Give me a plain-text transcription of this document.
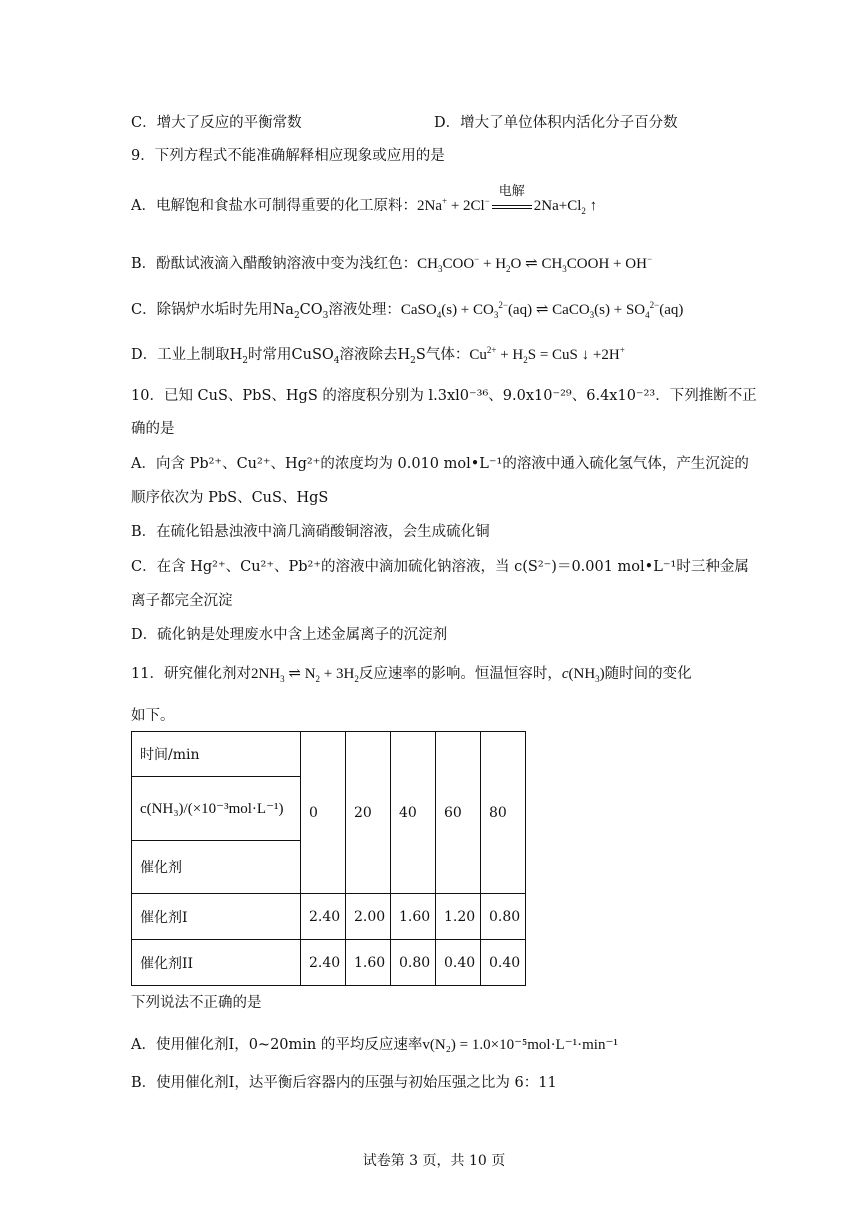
C．增大了反应的平衡常数	D．增大了单位体积内活化分子百分数
9．下列方程式不能准确解释相应现象或应用的是
A．电解饱和食盐水可制得重要的化工原料：2Na+ + 2Cl−
电解
$2Na+Cl_2$ ↑
B．酚酞试液滴入醋酸钠溶液中变为浅红色：$CH_3COO^- + H_2O$ ⇌ $CH_3COOH + OH^-$
C．除锅炉水垢时先用$Na_2CO_3$溶液处理：CaSO$_4$(s) + $CO_3^{2-}(aq)$ ⇌ CaCO$_3$(s) + $SO_4^{2-}(aq)$
D．工业上制取$H_2$时常用CuSO$_4$溶液除去$H_2S$气体：$Cu^{2+} + H_2S$ = CuS ↓ +2H+
10．已知 CuS、PbS、HgS 的溶度积分别为 l.3xl0⁻³⁶、9.0x10⁻²⁹、6.4x10⁻²³．下列推断不正
确的是
A．向含 Pb²⁺、Cu²⁺、Hg²⁺的浓度均为 0.010 mol•L⁻¹的溶液中通入硫化氢气体，产生沉淀的
顺序依次为 PbS、CuS、HgS
B．在硫化铅悬浊液中滴几滴硝酸铜溶液，会生成硫化铜
C．在含 Hg²⁺、Cu²⁺、Pb²⁺的溶液中滴加硫化钠溶液，当 c(S²⁻)＝0.001 mol•L⁻¹时三种金属
离子都完全沉淀
D．硫化钠是处理废水中含上述金属离子的沉淀剂
11．研究催化剂对$2NH_3$ ⇌ $N_2 + 3H_2$反应速率的影响。恒温恒容时，$c(NH_3)$随时间的变化
如下。
时间/min	0	20	40	60	80
c(NH₃)/(×10⁻³mol·L⁻¹)					
催化剂					
催化剂I	2.40	2.00	1.60	1.20	0.80
催化剂II	2.40	1.60	0.80	0.40	0.40
下列说法不正确的是
A．使用催化剂I，0~20min 的平均反应速率v(N₂) = 1.0×10⁻⁵mol·L⁻¹·min⁻¹
B．使用催化剂I，达平衡后容器内的压强与初始压强之比为 6：11
试卷第 3 页，共 10 页
